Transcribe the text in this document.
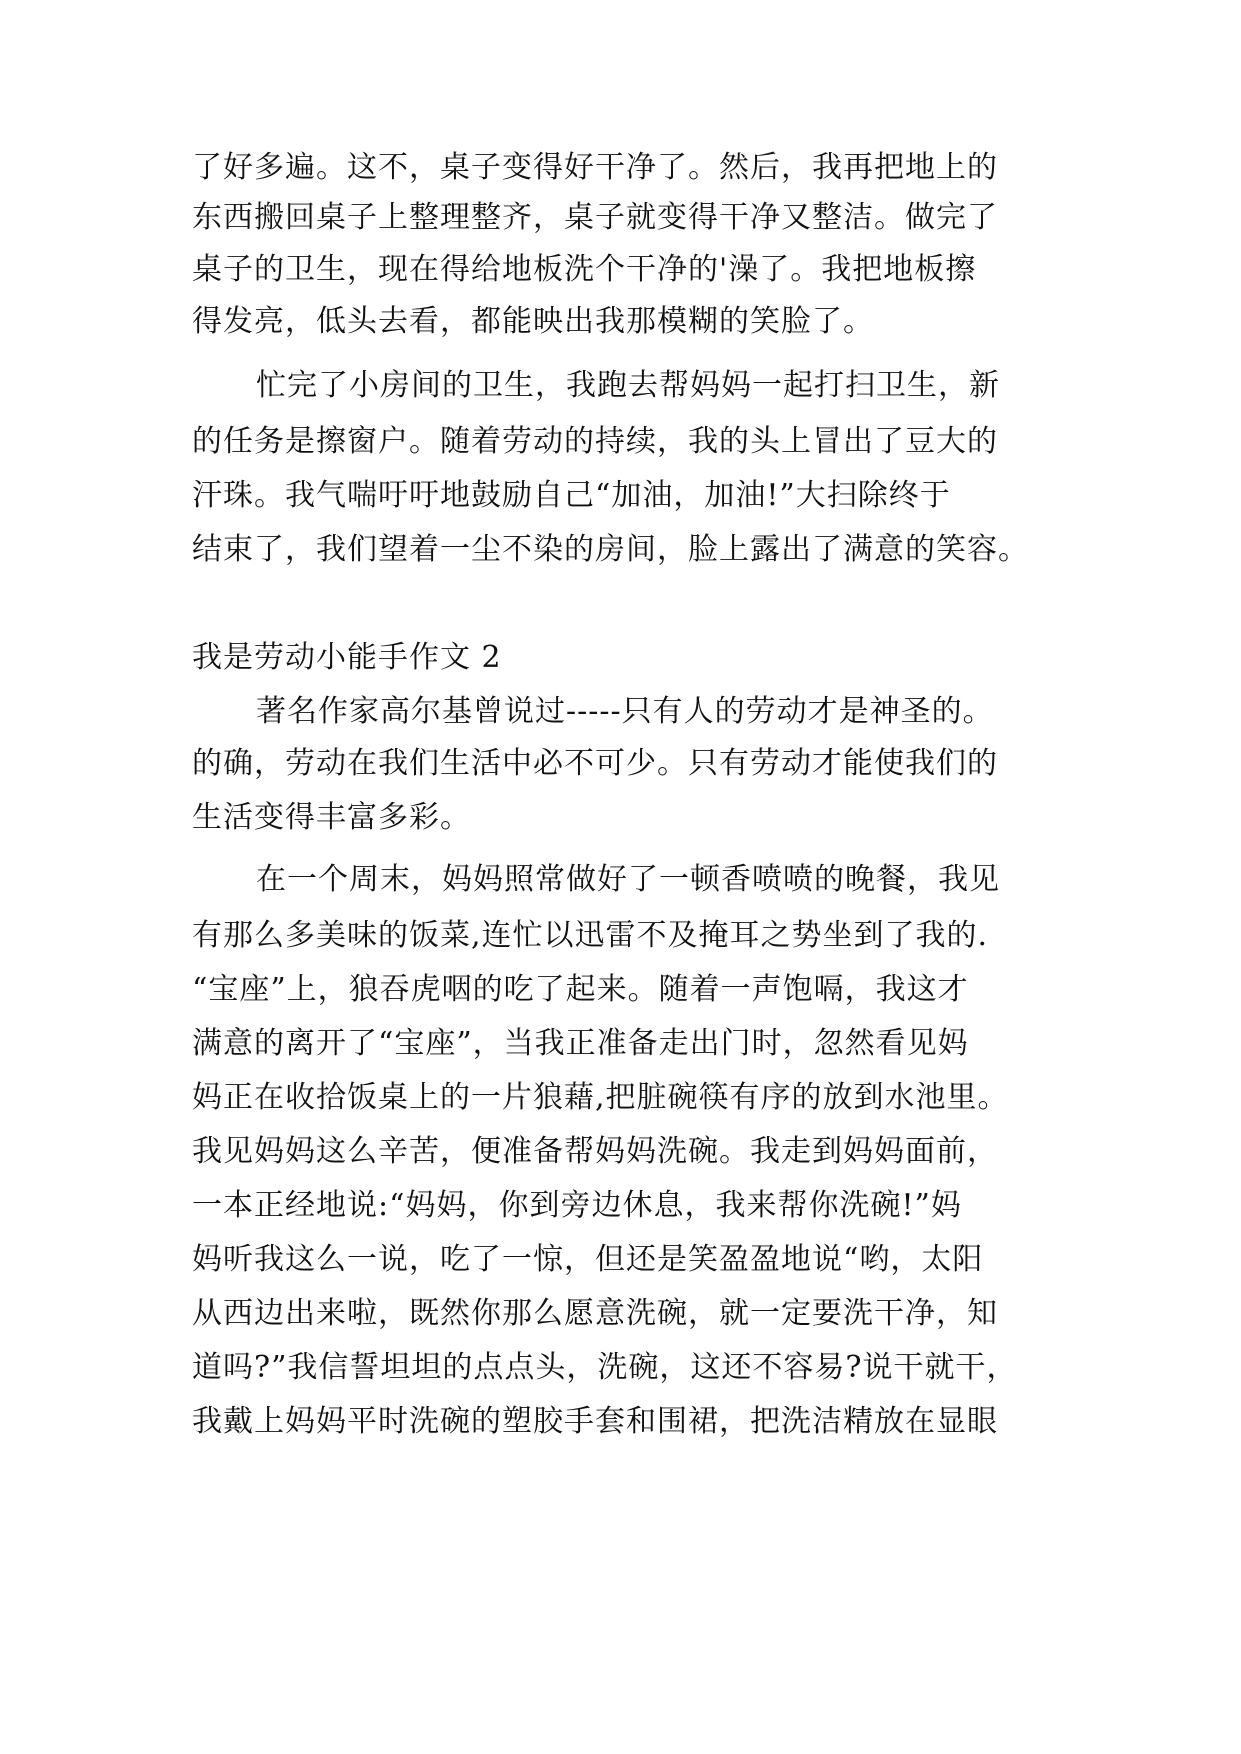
了好多遍。这不，桌子变得好干净了。然后，我再把地上的
东西搬回桌子上整理整齐，桌子就变得干净又整洁。做完了
桌子的卫生，现在得给地板洗个干净的'澡了。我把地板擦
得发亮，低头去看，都能映出我那模糊的笑脸了。
忙完了小房间的卫生，我跑去帮妈妈一起打扫卫生，新
的任务是擦窗户。随着劳动的持续，我的头上冒出了豆大的
汗珠。我气喘吁吁地鼓励自己“加油，加油!”大扫除终于
结束了，我们望着一尘不染的房间，脸上露出了满意的笑容。
我是劳动小能手作文 2
著名作家高尔基曾说过-----只有人的劳动才是神圣的。
的确，劳动在我们生活中必不可少。只有劳动才能使我们的
生活变得丰富多彩。
在一个周末，妈妈照常做好了一顿香喷喷的晚餐，我见
有那么多美味的饭菜,连忙以迅雷不及掩耳之势坐到了我的.
“宝座”上，狼吞虎咽的吃了起来。随着一声饱嗝，我这才
满意的离开了“宝座”，当我正准备走出门时，忽然看见妈
妈正在收拾饭桌上的一片狼藉,把脏碗筷有序的放到水池里。
我见妈妈这么辛苦，便准备帮妈妈洗碗。我走到妈妈面前，
一本正经地说:“妈妈，你到旁边休息，我来帮你洗碗!”妈
妈听我这么一说，吃了一惊，但还是笑盈盈地说“哟，太阳
从西边出来啦，既然你那么愿意洗碗，就一定要洗干净，知
道吗?”我信誓坦坦的点点头，洗碗，这还不容易?说干就干，
我戴上妈妈平时洗碗的塑胶手套和围裙，把洗洁精放在显眼
